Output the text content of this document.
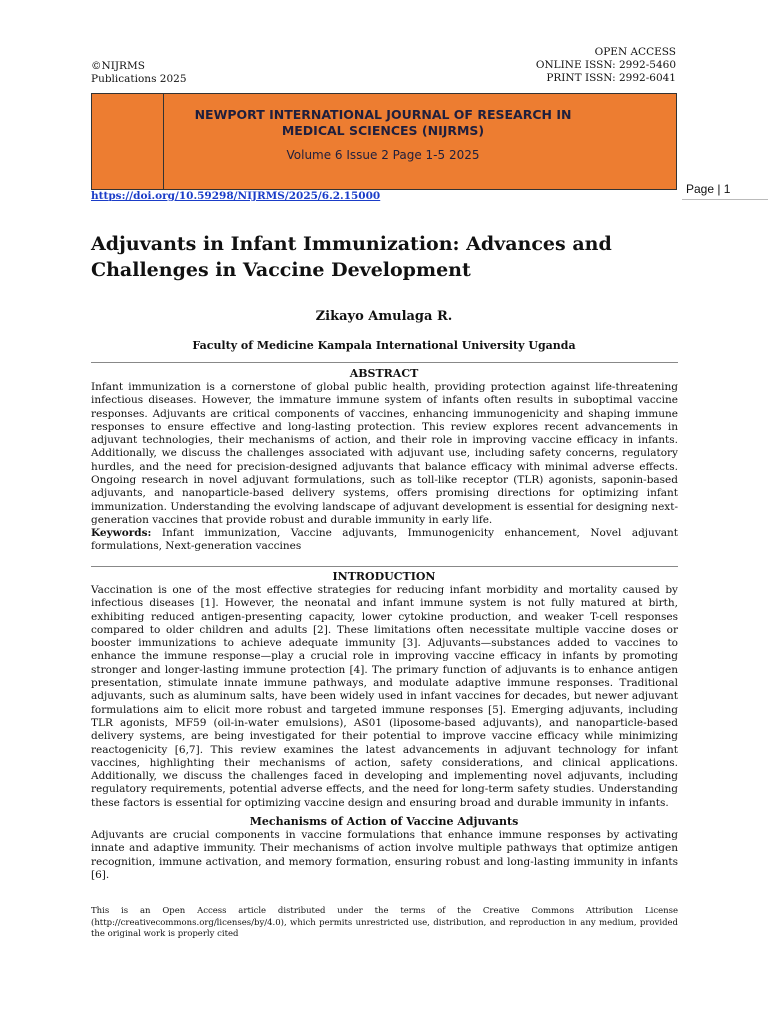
©NIJRMS
Publications 2025
OPEN ACCESS
ONLINE ISSN: 2992-5460
PRINT ISSN: 2992-6041
NEWPORT INTERNATIONAL JOURNAL OF RESEARCH IN MEDICAL SCIENCES (NIJRMS)
Volume 6 Issue 2 Page 1-5 2025
https://doi.org/10.59298/NIJRMS/2025/6.2.15000	Page | 1
Adjuvants in Infant Immunization: Advances and Challenges in Vaccine Development
Zikayo Amulaga R.
Faculty of Medicine Kampala International University Uganda
ABSTRACT
Infant immunization is a cornerstone of global public health, providing protection against life-threatening infectious diseases. However, the immature immune system of infants often results in suboptimal vaccine responses. Adjuvants are critical components of vaccines, enhancing immunogenicity and shaping immune responses to ensure effective and long-lasting protection. This review explores recent advancements in adjuvant technologies, their mechanisms of action, and their role in improving vaccine efficacy in infants. Additionally, we discuss the challenges associated with adjuvant use, including safety concerns, regulatory hurdles, and the need for precision-designed adjuvants that balance efficacy with minimal adverse effects. Ongoing research in novel adjuvant formulations, such as toll-like receptor (TLR) agonists, saponin-based adjuvants, and nanoparticle-based delivery systems, offers promising directions for optimizing infant immunization. Understanding the evolving landscape of adjuvant development is essential for designing next-generation vaccines that provide robust and durable immunity in early life.
Keywords: Infant immunization, Vaccine adjuvants, Immunogenicity enhancement, Novel adjuvant formulations, Next-generation vaccines
INTRODUCTION
Vaccination is one of the most effective strategies for reducing infant morbidity and mortality caused by infectious diseases [1]. However, the neonatal and infant immune system is not fully matured at birth, exhibiting reduced antigen-presenting capacity, lower cytokine production, and weaker T-cell responses compared to older children and adults [2]. These limitations often necessitate multiple vaccine doses or booster immunizations to achieve adequate immunity [3]. Adjuvants—substances added to vaccines to enhance the immune response—play a crucial role in improving vaccine efficacy in infants by promoting stronger and longer-lasting immune protection [4]. The primary function of adjuvants is to enhance antigen presentation, stimulate innate immune pathways, and modulate adaptive immune responses. Traditional adjuvants, such as aluminum salts, have been widely used in infant vaccines for decades, but newer adjuvant formulations aim to elicit more robust and targeted immune responses [5]. Emerging adjuvants, including TLR agonists, MF59 (oil-in-water emulsions), AS01 (liposome-based adjuvants), and nanoparticle-based delivery systems, are being investigated for their potential to improve vaccine efficacy while minimizing reactogenicity [6,7]. This review examines the latest advancements in adjuvant technology for infant vaccines, highlighting their mechanisms of action, safety considerations, and clinical applications. Additionally, we discuss the challenges faced in developing and implementing novel adjuvants, including regulatory requirements, potential adverse effects, and the need for long-term safety studies. Understanding these factors is essential for optimizing vaccine design and ensuring broad and durable immunity in infants.
Mechanisms of Action of Vaccine Adjuvants
Adjuvants are crucial components in vaccine formulations that enhance immune responses by activating innate and adaptive immunity. Their mechanisms of action involve multiple pathways that optimize antigen recognition, immune activation, and memory formation, ensuring robust and long-lasting immunity in infants [6].
This is an Open Access article distributed under the terms of the Creative Commons Attribution License (http://creativecommons.org/licenses/by/4.0), which permits unrestricted use, distribution, and reproduction in any medium, provided the original work is properly cited
